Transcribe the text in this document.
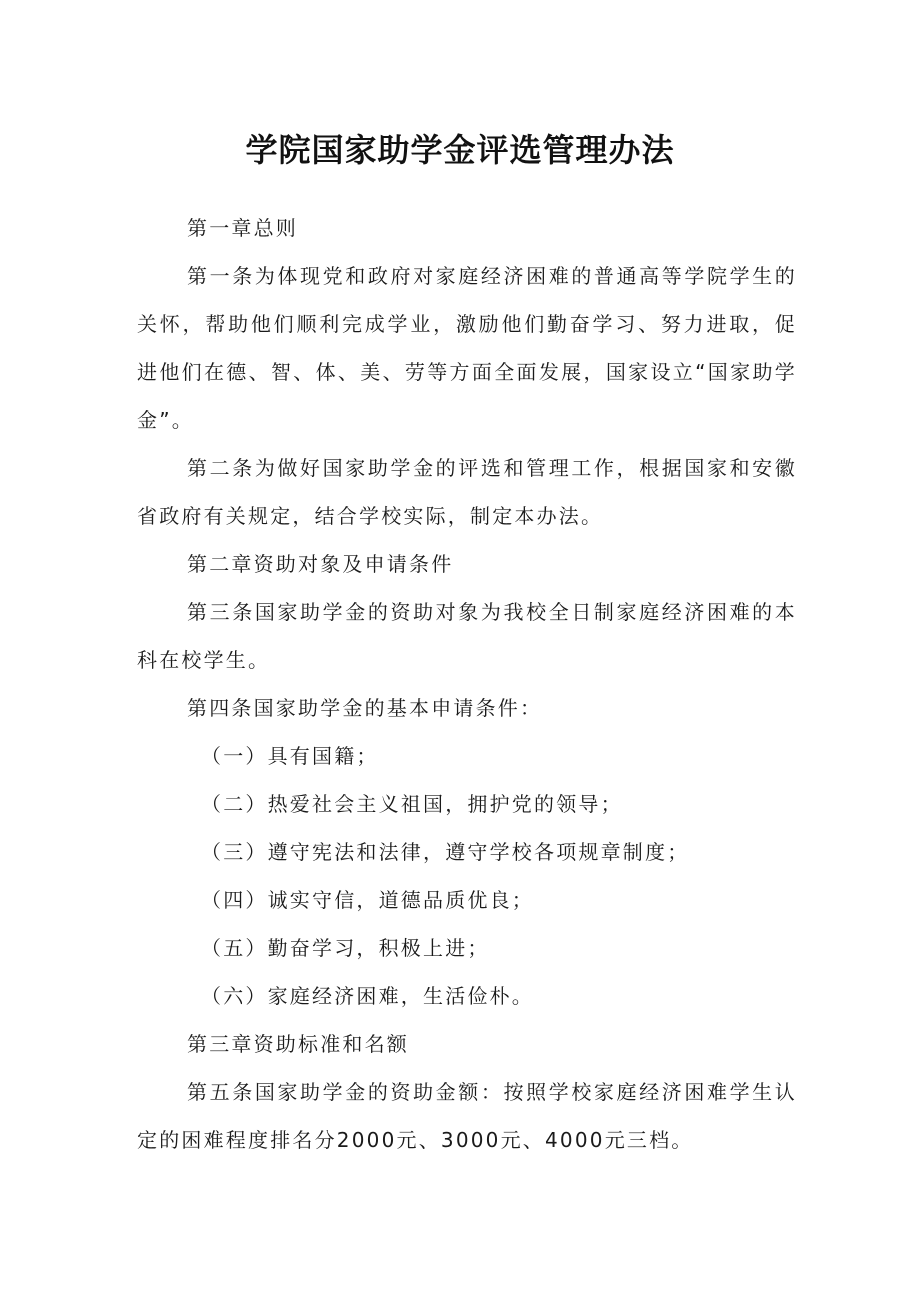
学院国家助学金评选管理办法

第一章总则

第一条为体现党和政府对家庭经济困难的普通高等学院学生的关怀，帮助他们顺利完成学业，激励他们勤奋学习、努力进取，促进他们在德、智、体、美、劳等方面全面发展，国家设立“国家助学金”。

第二条为做好国家助学金的评选和管理工作，根据国家和安徽省政府有关规定，结合学校实际，制定本办法。

第二章资助对象及申请条件

第三条国家助学金的资助对象为我校全日制家庭经济困难的本科在校学生。

第四条国家助学金的基本申请条件：

（一）具有国籍；

（二）热爱社会主义祖国，拥护党的领导；

（三）遵守宪法和法律，遵守学校各项规章制度；

（四）诚实守信，道德品质优良；

（五）勤奋学习，积极上进；

（六）家庭经济困难，生活俭朴。

第三章资助标准和名额

第五条国家助学金的资助金额：按照学校家庭经济困难学生认定的困难程度排名分2000元、3000元、4000元三档。
